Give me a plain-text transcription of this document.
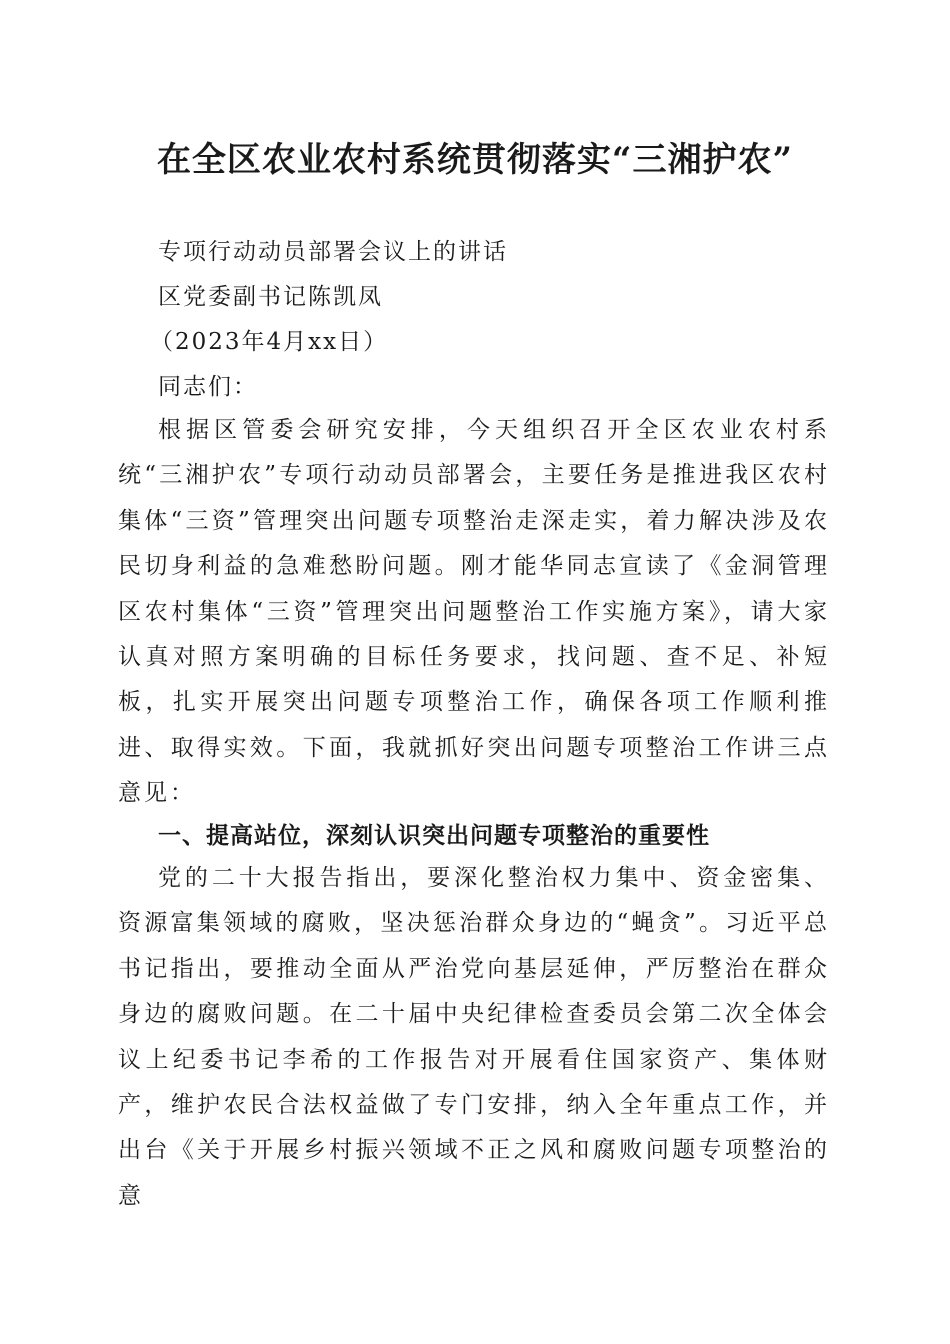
在全区农业农村系统贯彻落实“三湘护农”
专项行动动员部署会议上的讲话
区党委副书记陈凯凤
（2023年4月xx日）
同志们：
根据区管委会研究安排，今天组织召开全区农业农村系统“三湘护农”专项行动动员部署会，主要任务是推进我区农村集体“三资”管理突出问题专项整治走深走实，着力解决涉及农民切身利益的急难愁盼问题。刚才能华同志宣读了《金洞管理区农村集体“三资”管理突出问题整治工作实施方案》，请大家认真对照方案明确的目标任务要求，找问题、查不足、补短板，扎实开展突出问题专项整治工作，确保各项工作顺利推进、取得实效。下面，我就抓好突出问题专项整治工作讲三点意见：
一、提高站位，深刻认识突出问题专项整治的重要性
党的二十大报告指出，要深化整治权力集中、资金密集、资源富集领域的腐败，坚决惩治群众身边的“蝇贪”。习近平总书记指出，要推动全面从严治党向基层延伸，严厉整治在群众身边的腐败问题。在二十届中央纪律检查委员会第二次全体会议上纪委书记李希的工作报告对开展看住国家资产、集体财产，维护农民合法权益做了专门安排，纳入全年重点工作，并出台《关于开展乡村振兴领域不正之风和腐败问题专项整治的意
